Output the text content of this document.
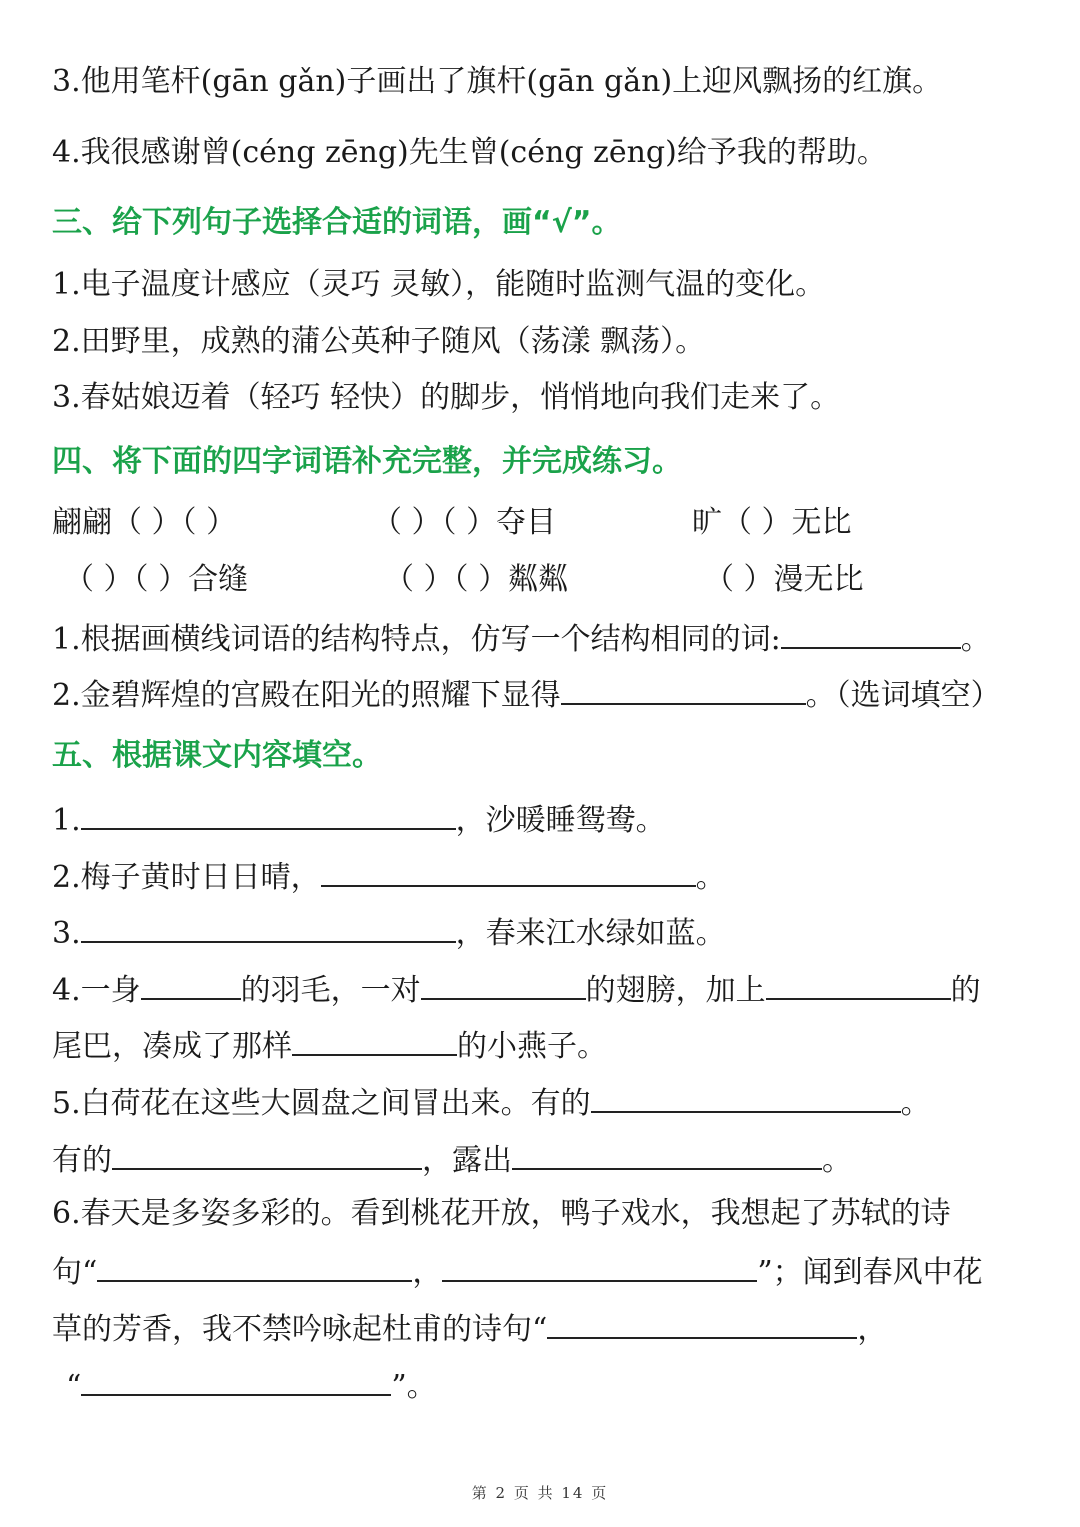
3.他用笔杆(gān gǎn)子画出了旗杆(gān gǎn)上迎风飘扬的红旗。
4.我很感谢曾(céng zēng)先生曾(céng zēng)给予我的帮助。
三、给下列句子选择合适的词语，画“√”。
1.电子温度计感应（灵巧 灵敏），能随时监测气温的变化。
2.田野里，成熟的蒲公英种子随风（荡漾 飘荡）。
3.春姑娘迈着（轻巧 轻快）的脚步，悄悄地向我们走来了。
四、将下面的四字词语补充完整，并完成练习。
翩翩（ ）（ ）	（ ）（ ）夺目	旷（ ）无比
（ ）（ ）合缝	（ ）（ ）粼粼	（ ）漫无比
1.根据画横线词语的结构特点，仿写一个结构相同的词:	。
2.金碧辉煌的宫殿在阳光的照耀下显得	。（选词填空）
五、根据课文内容填空。
1.	，沙暖睡鸳鸯。
2.梅子黄时日日晴，	。
3.	，春来江水绿如蓝。
4.一身	的羽毛，一对	的翅膀，加上	的
尾巴，凑成了那样	的小燕子。
5.白荷花在这些大圆盘之间冒出来。有的	。
有的	，露出	。
6.春天是多姿多彩的。看到桃花开放，鸭子戏水，我想起了苏轼的诗
句“	，	”；闻到春风中花
草的芳香，我不禁吟咏起杜甫的诗句“	，
“	”。
第 2 页 共 14 页
